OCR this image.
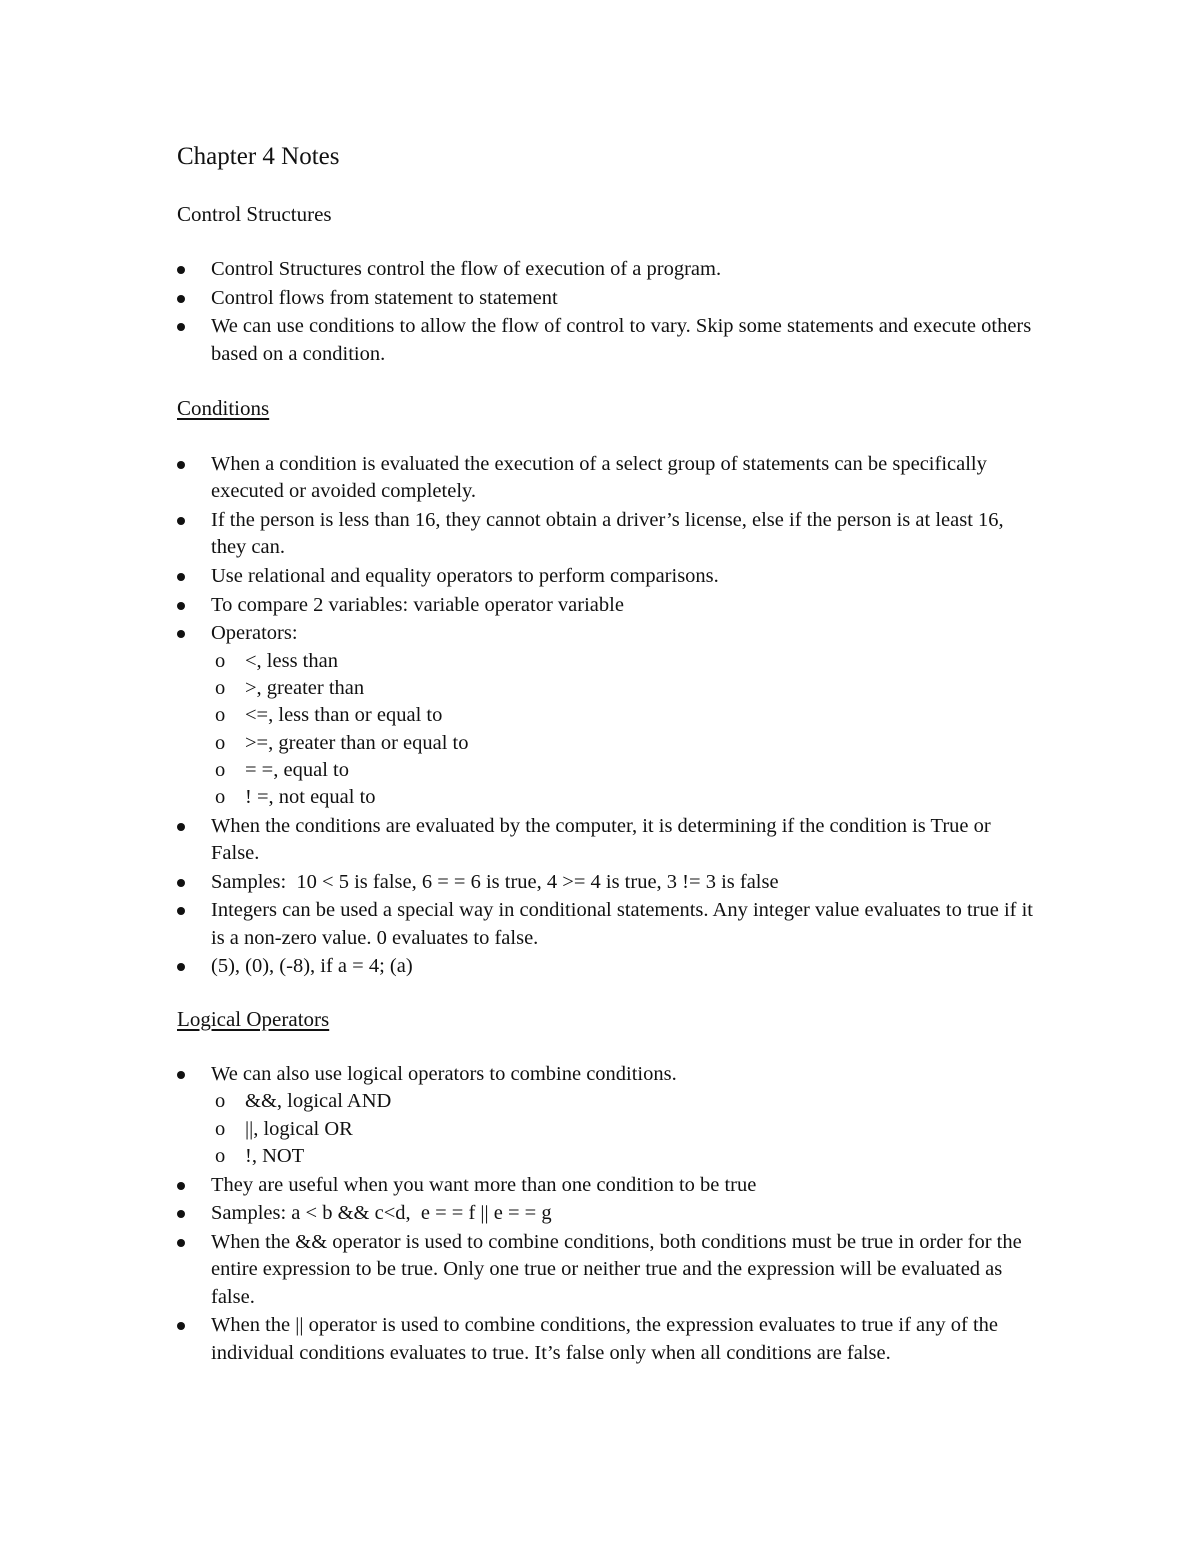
Chapter 4 Notes
Control Structures
Control Structures control the flow of execution of a program.
Control flows from statement to statement
We can use conditions to allow the flow of control to vary. Skip some statements and execute others based on a condition.
Conditions
When a condition is evaluated the execution of a select group of statements can be specifically executed or avoided completely.
If the person is less than 16, they cannot obtain a driver’s license, else if the person is at least 16, they can.
Use relational and equality operators to perform comparisons.
To compare 2 variables: variable operator variable
Operators:
o <, less than
o >, greater than
o <=, less than or equal to
o >=, greater than or equal to
o = =, equal to
o ! =, not equal to
When the conditions are evaluated by the computer, it is determining if the condition is True or False.
Samples:  10 < 5 is false, 6 = = 6 is true, 4 >= 4 is true, 3 != 3 is false
Integers can be used a special way in conditional statements. Any integer value evaluates to true if it is a non-zero value. 0 evaluates to false.
(5), (0), (-8), if a = 4; (a)
Logical Operators
We can also use logical operators to combine conditions.
o &&, logical AND
o ||, logical OR
o !, NOT
They are useful when you want more than one condition to be true
Samples: a < b && c<d,  e = = f || e = = g
When the && operator is used to combine conditions, both conditions must be true in order for the entire expression to be true. Only one true or neither true and the expression will be evaluated as false.
When the || operator is used to combine conditions, the expression evaluates to true if any of the individual conditions evaluates to true. It’s false only when all conditions are false.
